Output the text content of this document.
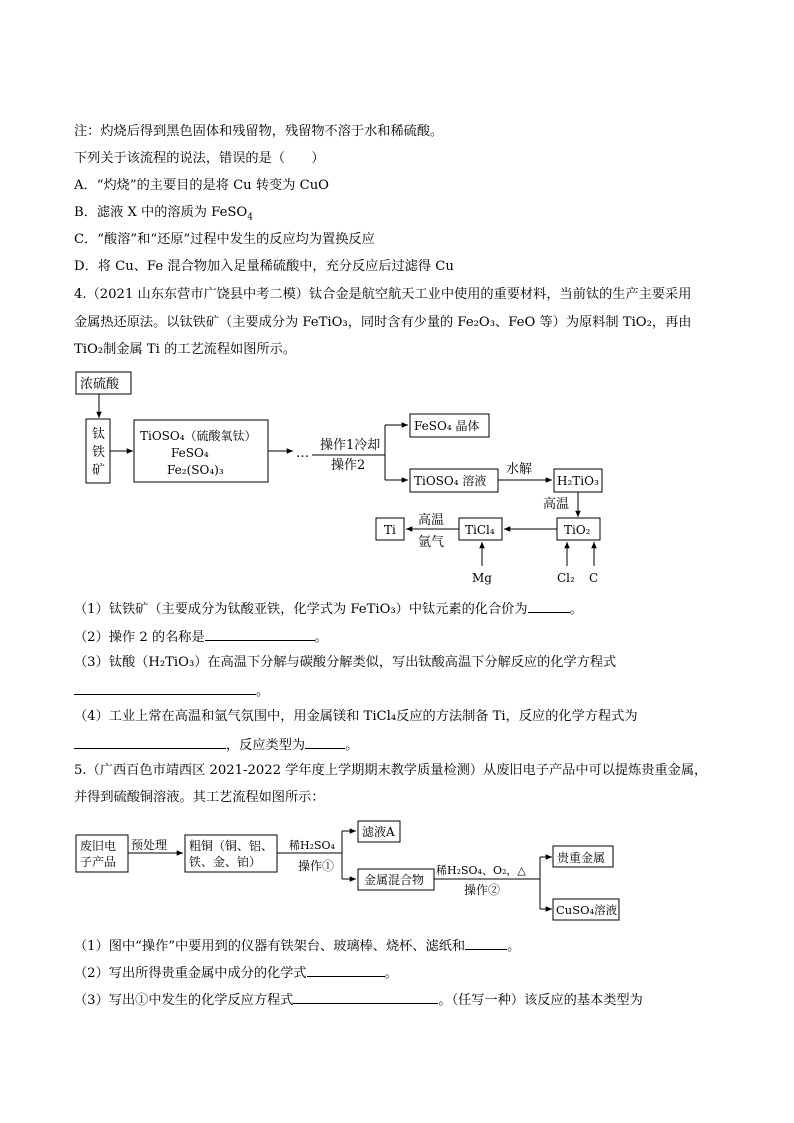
注：灼烧后得到黑色固体和残留物，残留物不溶于水和稀硫酸。
下列关于该流程的说法，错误的是（　　）
A．“灼烧”的主要目的是将 Cu 转变为 CuO
B．滤液 X 中的溶质为 FeSO$_4$
C．“酸溶”和“还原”过程中发生的反应均为置换反应
D．将 Cu、Fe 混合物加入足量稀硫酸中，充分反应后过滤得 Cu
4.（2021 山东东营市广饶县中考二模）钛合金是航空航天工业中使用的重要材料，当前钛的生产主要采用
金属热还原法。以钛铁矿（主要成分为 FeTiO₃，同时含有少量的 Fe₂O₃、FeO 等）为原料制 TiO₂，再由
TiO₂制金属 Ti 的工艺流程如图所示。
浓硫酸
钛
铁
矿
TiOSO₄（硫酸氧钛）
FeSO₄
Fe₂(SO₄)₃
…
操作1冷却
操作2
FeSO₄ 晶体
TiOSO₄ 溶液
水解
H₂TiO₃
高温
TiO₂
TiCl₄
Ti
高温
氩气
Mg	Cl₂ C
废旧电
子产品
预处理 粗铜（铜、铝、
铁、金、铂）
稀H₂SO₄
操作①
滤液A
金属混合物
稀H₂SO₄、O₂，△
操作②
贵重金属
CuSO₄溶液
（1）钛铁矿（主要成分为钛酸亚铁，化学式为 FeTiO₃）中钛元素的化合价为	。
（2）操作 2 的名称是	。
（3）钛酸（H₂TiO₃）在高温下分解与碳酸分解类似，写出钛酸高温下分解反应的化学方程式
。
（4）工业上常在高温和氩气氛围中，用金属镁和 TiCl₄反应的方法制备 Ti，反应的化学方程式为
，反应类型为	。
5.（广西百色市靖西区 2021-2022 学年度上学期期末教学质量检测）从废旧电子产品中可以提炼贵重金属，
并得到硫酸铜溶液。其工艺流程如图所示：
（1）图中“操作”中要用到的仪器有铁架台、玻璃棒、烧杯、滤纸和	。
（2）写出所得贵重金属中成分的化学式	。
（3）写出①中发生的化学反应方程式	。（任写一种）该反应的基本类型为
